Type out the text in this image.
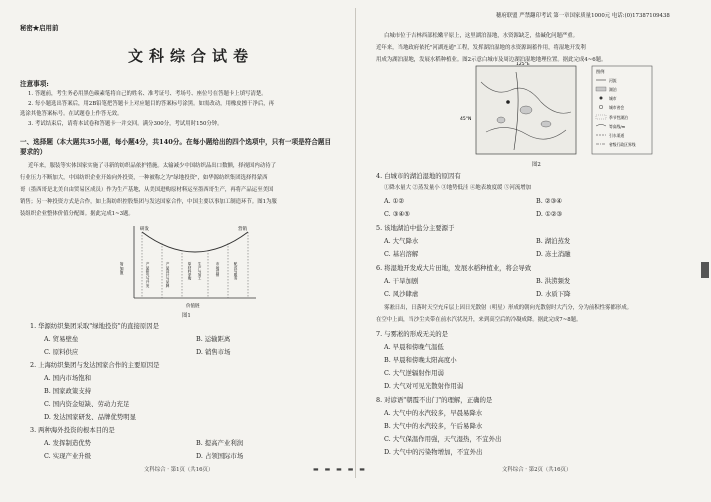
秘密★启用前
文科综合试卷
注意事项:
1. 答题前，考生务必用黑色碳素笔将自己的姓名、准考证号、考场号、座位号在答题卡上填写清楚。
2. 每小题选出答案后，用2B铅笔把答题卡上对应题目的答案标号涂黑。如需改动，用橡皮擦干净后，再
选涂其他答案标号。在试题卷上作答无效。
3. 考试结束后，请将本试卷和答题卡一并交回。满分300分，考试用时150分钟。
一、选择题（本大题共35小题，每小题4分，共140分。在每小题给出的四个选项中，只有一项是符合题目
要求的）
近年来，服装等实体国家实施了寻新的纺织品依护措施。太输减少中国纺织品出口数额，择视国内动待了
行业压力不断加大，中国纺织企业开始向外投资，一种被称之为"绿地投资"，如华源纺织集团选择得蒙西
哥（墨西哥是北美自由贸易区成员）作为生产基地，从美国进购原材料运至墨西哥生产，再将产品运至美国
销售；另一种投资方式是合作，如上海纺织控股集团与发达国家合作，中国主要以事加工制造环节。图1为服
装组织企业整体价值分配图。据此完成1~3题。
研发	营销
附加值
价值链
产品研究与开发	产品设计与品牌	原材料采购	生产与加工	市场营销	配送与服务
图1
1. 华源纺织集团采取"绿地投资"的直接原因是
A. 贸易壁垒	B. 运输距离
C. 原料供应	D. 销售市场
2. 上海纺织集团与发达国家合作的主要原因是
A. 国内市场饱和
B. 国家政策支持
C. 国内资金短缺、劳动力充足
D. 发达国家研发、品牌优势明显
3. 两种海外投资的根本目的是
A. 发挥制造优势	B. 提高产业利润
C. 实现产业升级	D. 占领国际市场
文科综合 · 第1页（共16页）	▬ ▬ ▬ ▬ ▬
穗府联盟 严禁翻印考试 第一章国家质量1000元 电话:(0)17387109438
白城市位于吉林西部松嫩平原上，这里湖泊湿地，水资源缺乏，盐碱化问题严重。
近年来，当地政府依托"河湖连通"工程，发挥湖泊湿地的水资源调蓄作用，将湿地开发利
用成为湖泊湿地，发展水稻种植业。图2示意白城市及周边湖泊湿地地理位置。据此完成4~6题。
125°E
45°N
图例
河流
湖泊
城市
城市省会
季节性湖泊
等高线/m
引水渠道
省级行政区界线
图2
4. 白城市的湖泊湿地的原因有
①降水量大 ②蒸发量小 ③地势低洼 ④地表坡度缓 ⑤河流增加
A. ①②	B. ②③④
C. ③④⑤	D. ①②③
5. 该地湖泊中盐分主要源于
A. 大气降水	B. 湖泊蒸发
C. 基岩溶解	D. 冻土消融
6. 将湿地开发成大片田地，发展水稻种植业，将会导致
A. 干旱加剧	B. 洪涝频发
C. 风沙肆虐	D. 水质下降
雾凇日出，日落时天空充斥层上因日光散射（明星）形成的朝向光散射时大汽分，分为前积性雾都形成。
在空中上面，当沙尘夹带在前水汽状况升，来到高空后的冷凝成降。据此完成7~8题。
7. 与雾凇的形成无关的是
A. 早晨和傍晚气温低
B. 早晨和傍晚太阳高度小
C. 大气逆辐射作用弱
D. 大气对可见光散射作用弱
8. 对谚语"朝霞不出门"的理解，正确的是
A. 大气中的水汽较多，早晨易降水
B. 大气中的水汽较多，午后易降水
C. 大气保温作用强，天气湿热，不宜外出
D. 大气中的污染物增加，不宜外出
文科综合 · 第2页（共16页）
